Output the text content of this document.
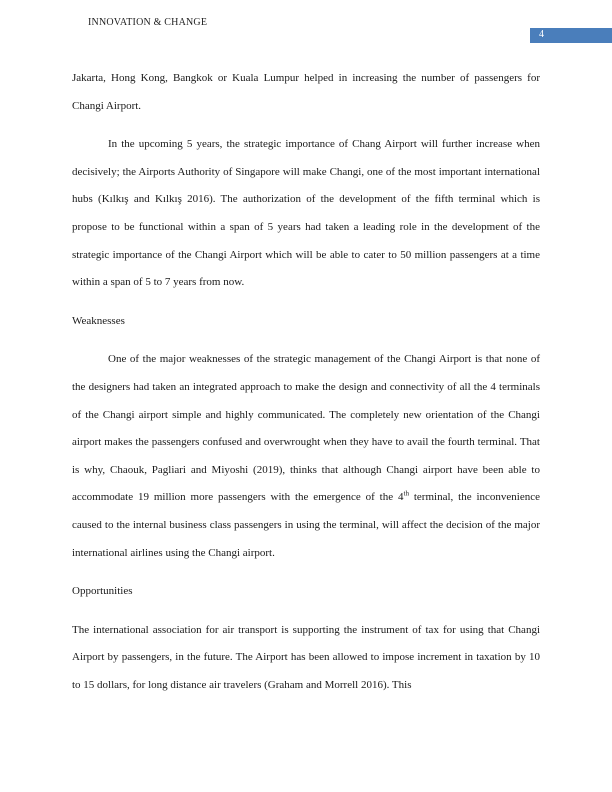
INNOVATION & CHANGE
4

Jakarta, Hong Kong, Bangkok or Kuala Lumpur helped in increasing the number of passengers for Changi Airport.

In the upcoming 5 years, the strategic importance of Chang Airport will further increase when decisively; the Airports Authority of Singapore will make Changi, one of the most important international hubs (Kılkış and Kılkış 2016). The authorization of the development of the fifth terminal which is propose to be functional within a span of 5 years had taken a leading role in the development of the strategic importance of the Changi Airport which will be able to cater to 50 million passengers at a time within a span of 5 to 7 years from now.

Weaknesses

One of the major weaknesses of the strategic management of the Changi Airport is that none of the designers had taken an integrated approach to make the design and connectivity of all the 4 terminals of the Changi airport simple and highly communicated. The completely new orientation of the Changi airport makes the passengers confused and overwrought when they have to avail the fourth terminal. That is why, Chaouk, Pagliari and Miyoshi (2019), thinks that although Changi airport have been able to accommodate 19 million more passengers with the emergence of the 4th terminal, the inconvenience caused to the internal business class passengers in using the terminal, will affect the decision of the major international airlines using the Changi airport.

Opportunities

The international association for air transport is supporting the instrument of tax for using that Changi Airport by passengers, in the future. The Airport has been allowed to impose increment in taxation by 10 to 15 dollars, for long distance air travelers (Graham and Morrell 2016). This
